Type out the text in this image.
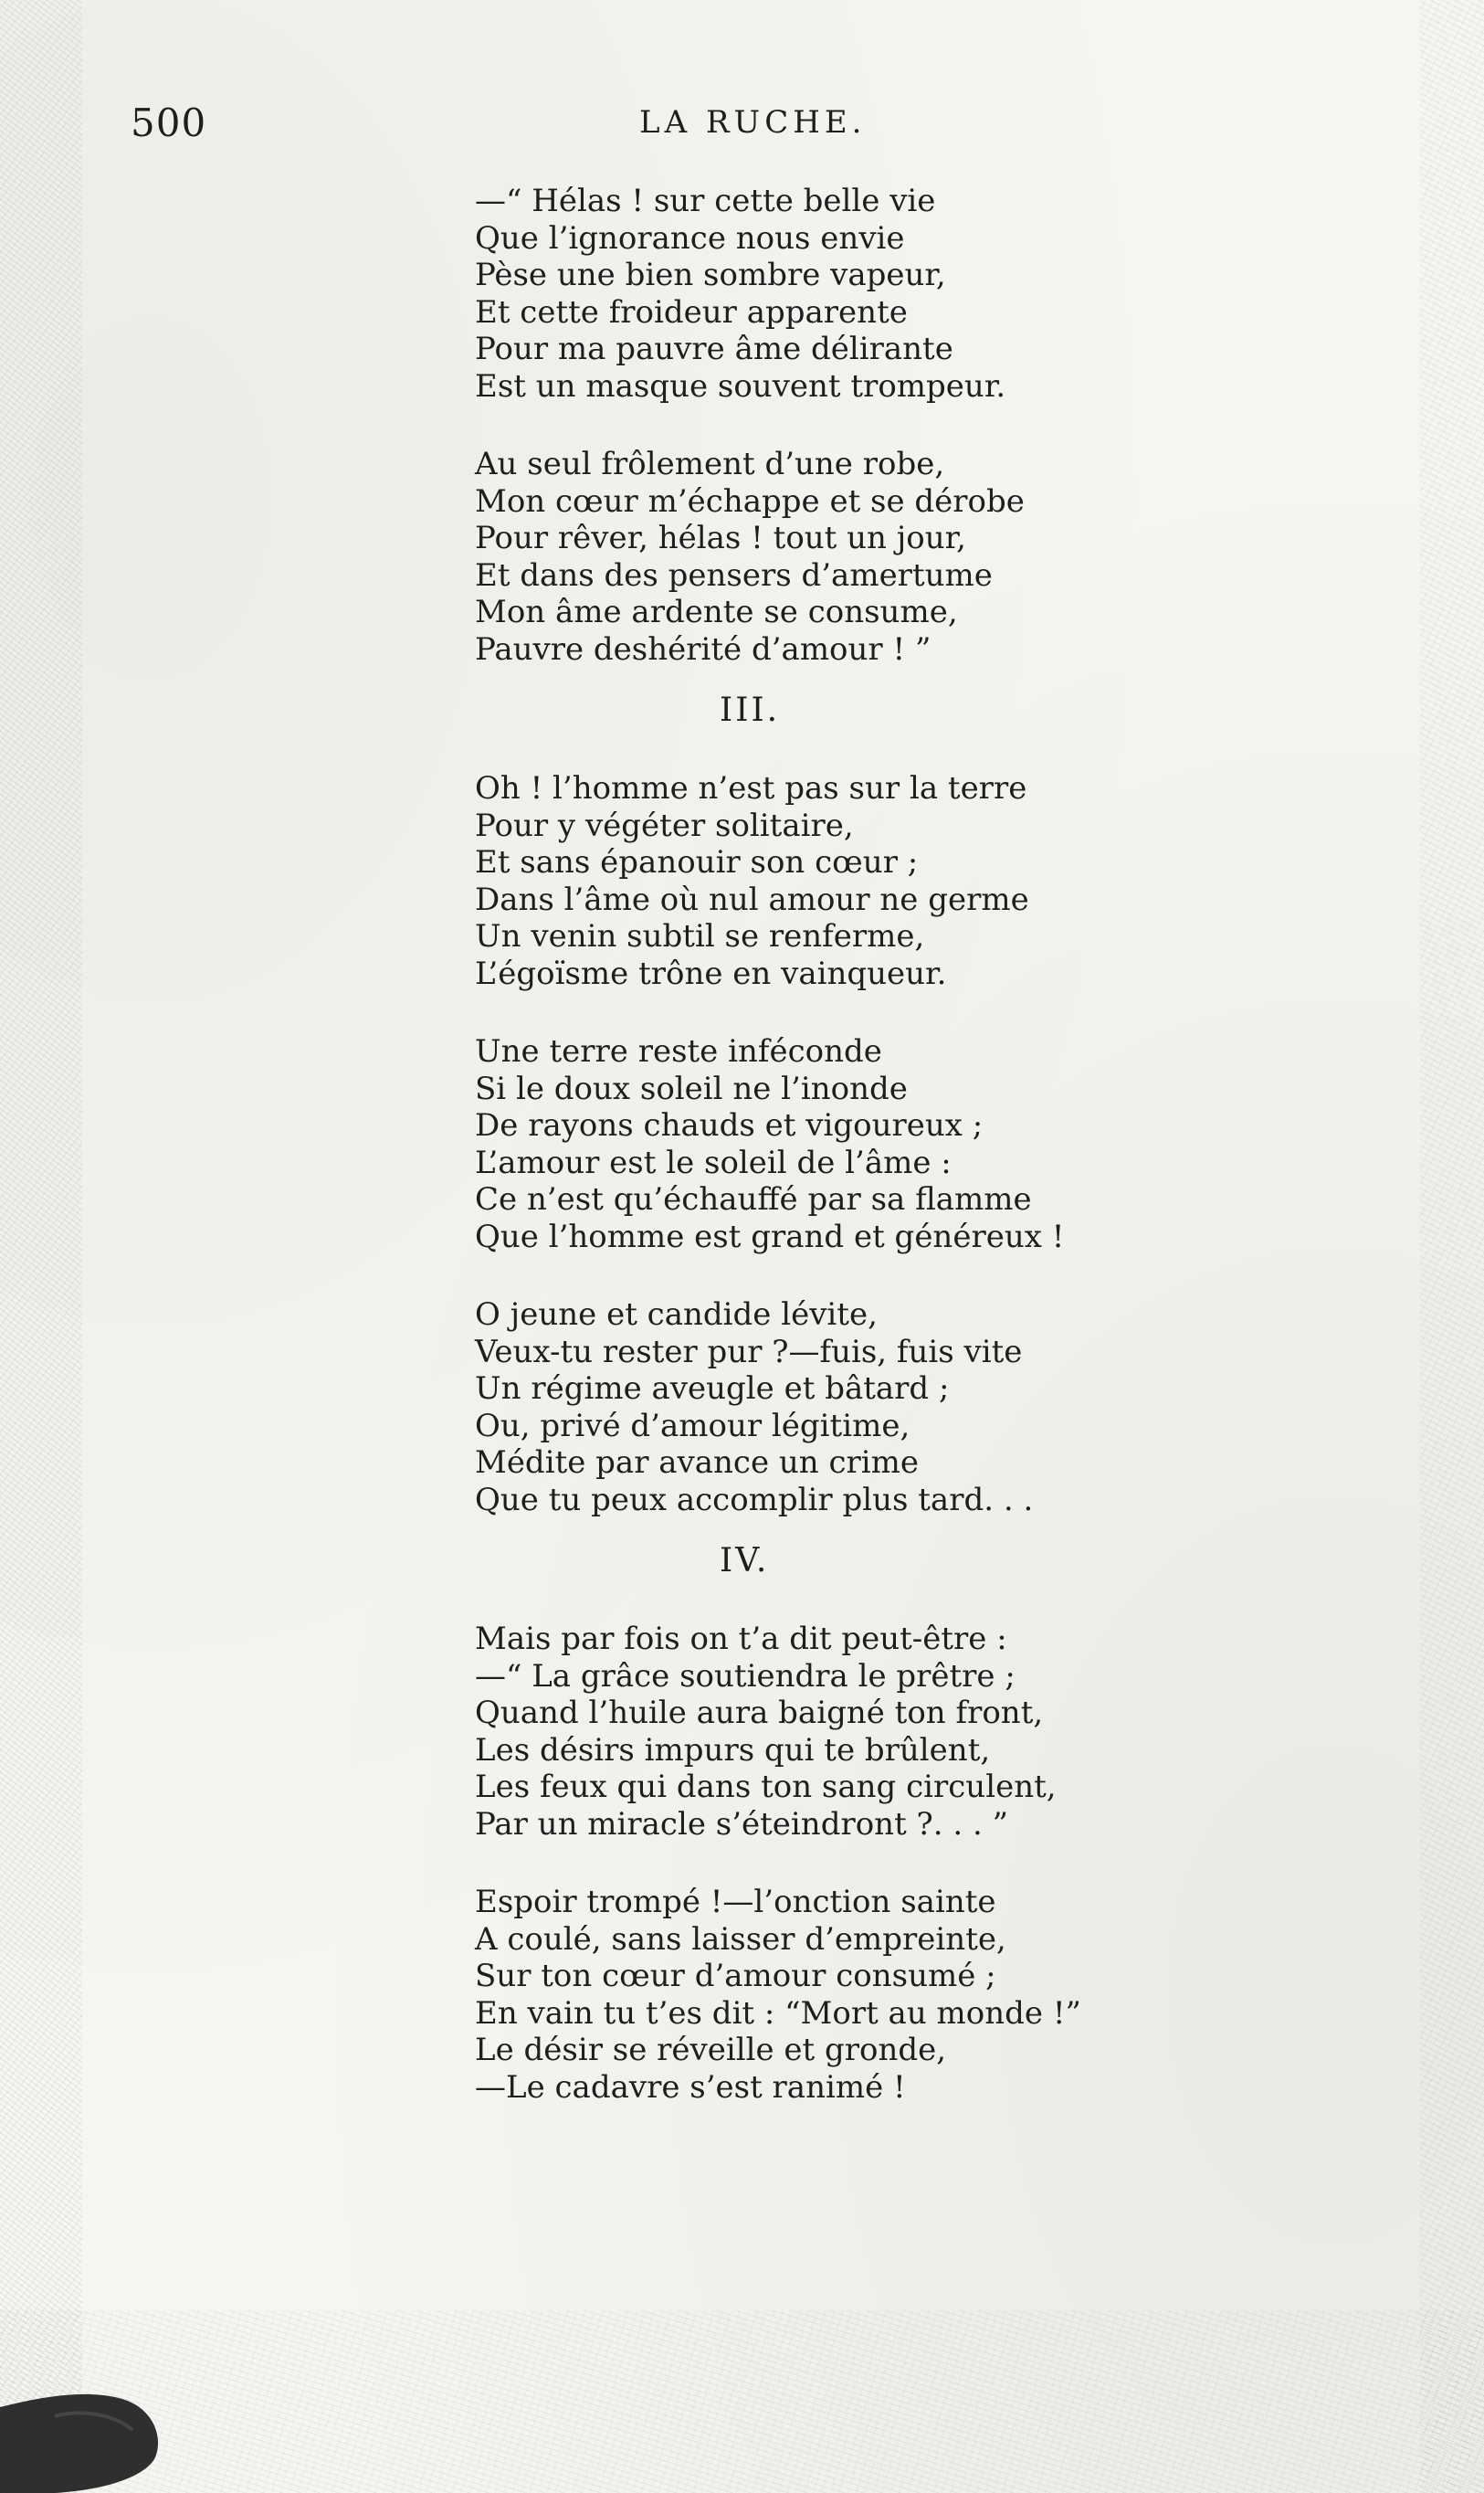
500	LA RUCHE.
—“ Hélas ! sur cette belle vie
Que l’ignorance nous envie
Pèse une bien sombre vapeur,
Et cette froideur apparente
Pour ma pauvre âme délirante
Est un masque souvent trompeur.
Au seul frôlement d’une robe,
Mon cœur m’échappe et se dérobe
Pour rêver, hélas ! tout un jour,
Et dans des pensers d’amertume
Mon âme ardente se consume,
Pauvre deshérité d’amour ! ”
III.
Oh ! l’homme n’est pas sur la terre
Pour y végéter solitaire,
Et sans épanouir son cœur ;
Dans l’âme où nul amour ne germe
Un venin subtil se renferme,
L’égoïsme trône en vainqueur.
Une terre reste inféconde
Si le doux soleil ne l’inonde
De rayons chauds et vigoureux ;
L’amour est le soleil de l’âme :
Ce n’est qu’échauffé par sa flamme
Que l’homme est grand et généreux !
O jeune et candide lévite,
Veux-tu rester pur ?—fuis, fuis vite
Un régime aveugle et bâtard ;
Ou, privé d’amour légitime,
Médite par avance un crime
Que tu peux accomplir plus tard. . .
IV.
Mais par fois on t’a dit peut-être :
—“ La grâce soutiendra le prêtre ;
Quand l’huile aura baigné ton front,
Les désirs impurs qui te brûlent,
Les feux qui dans ton sang circulent,
Par un miracle s’éteindront ?. . . ”
Espoir trompé !—l’onction sainte
A coulé, sans laisser d’empreinte,
Sur ton cœur d’amour consumé ;
En vain tu t’es dit : “Mort au monde !”
Le désir se réveille et gronde,
—Le cadavre s’est ranimé !
